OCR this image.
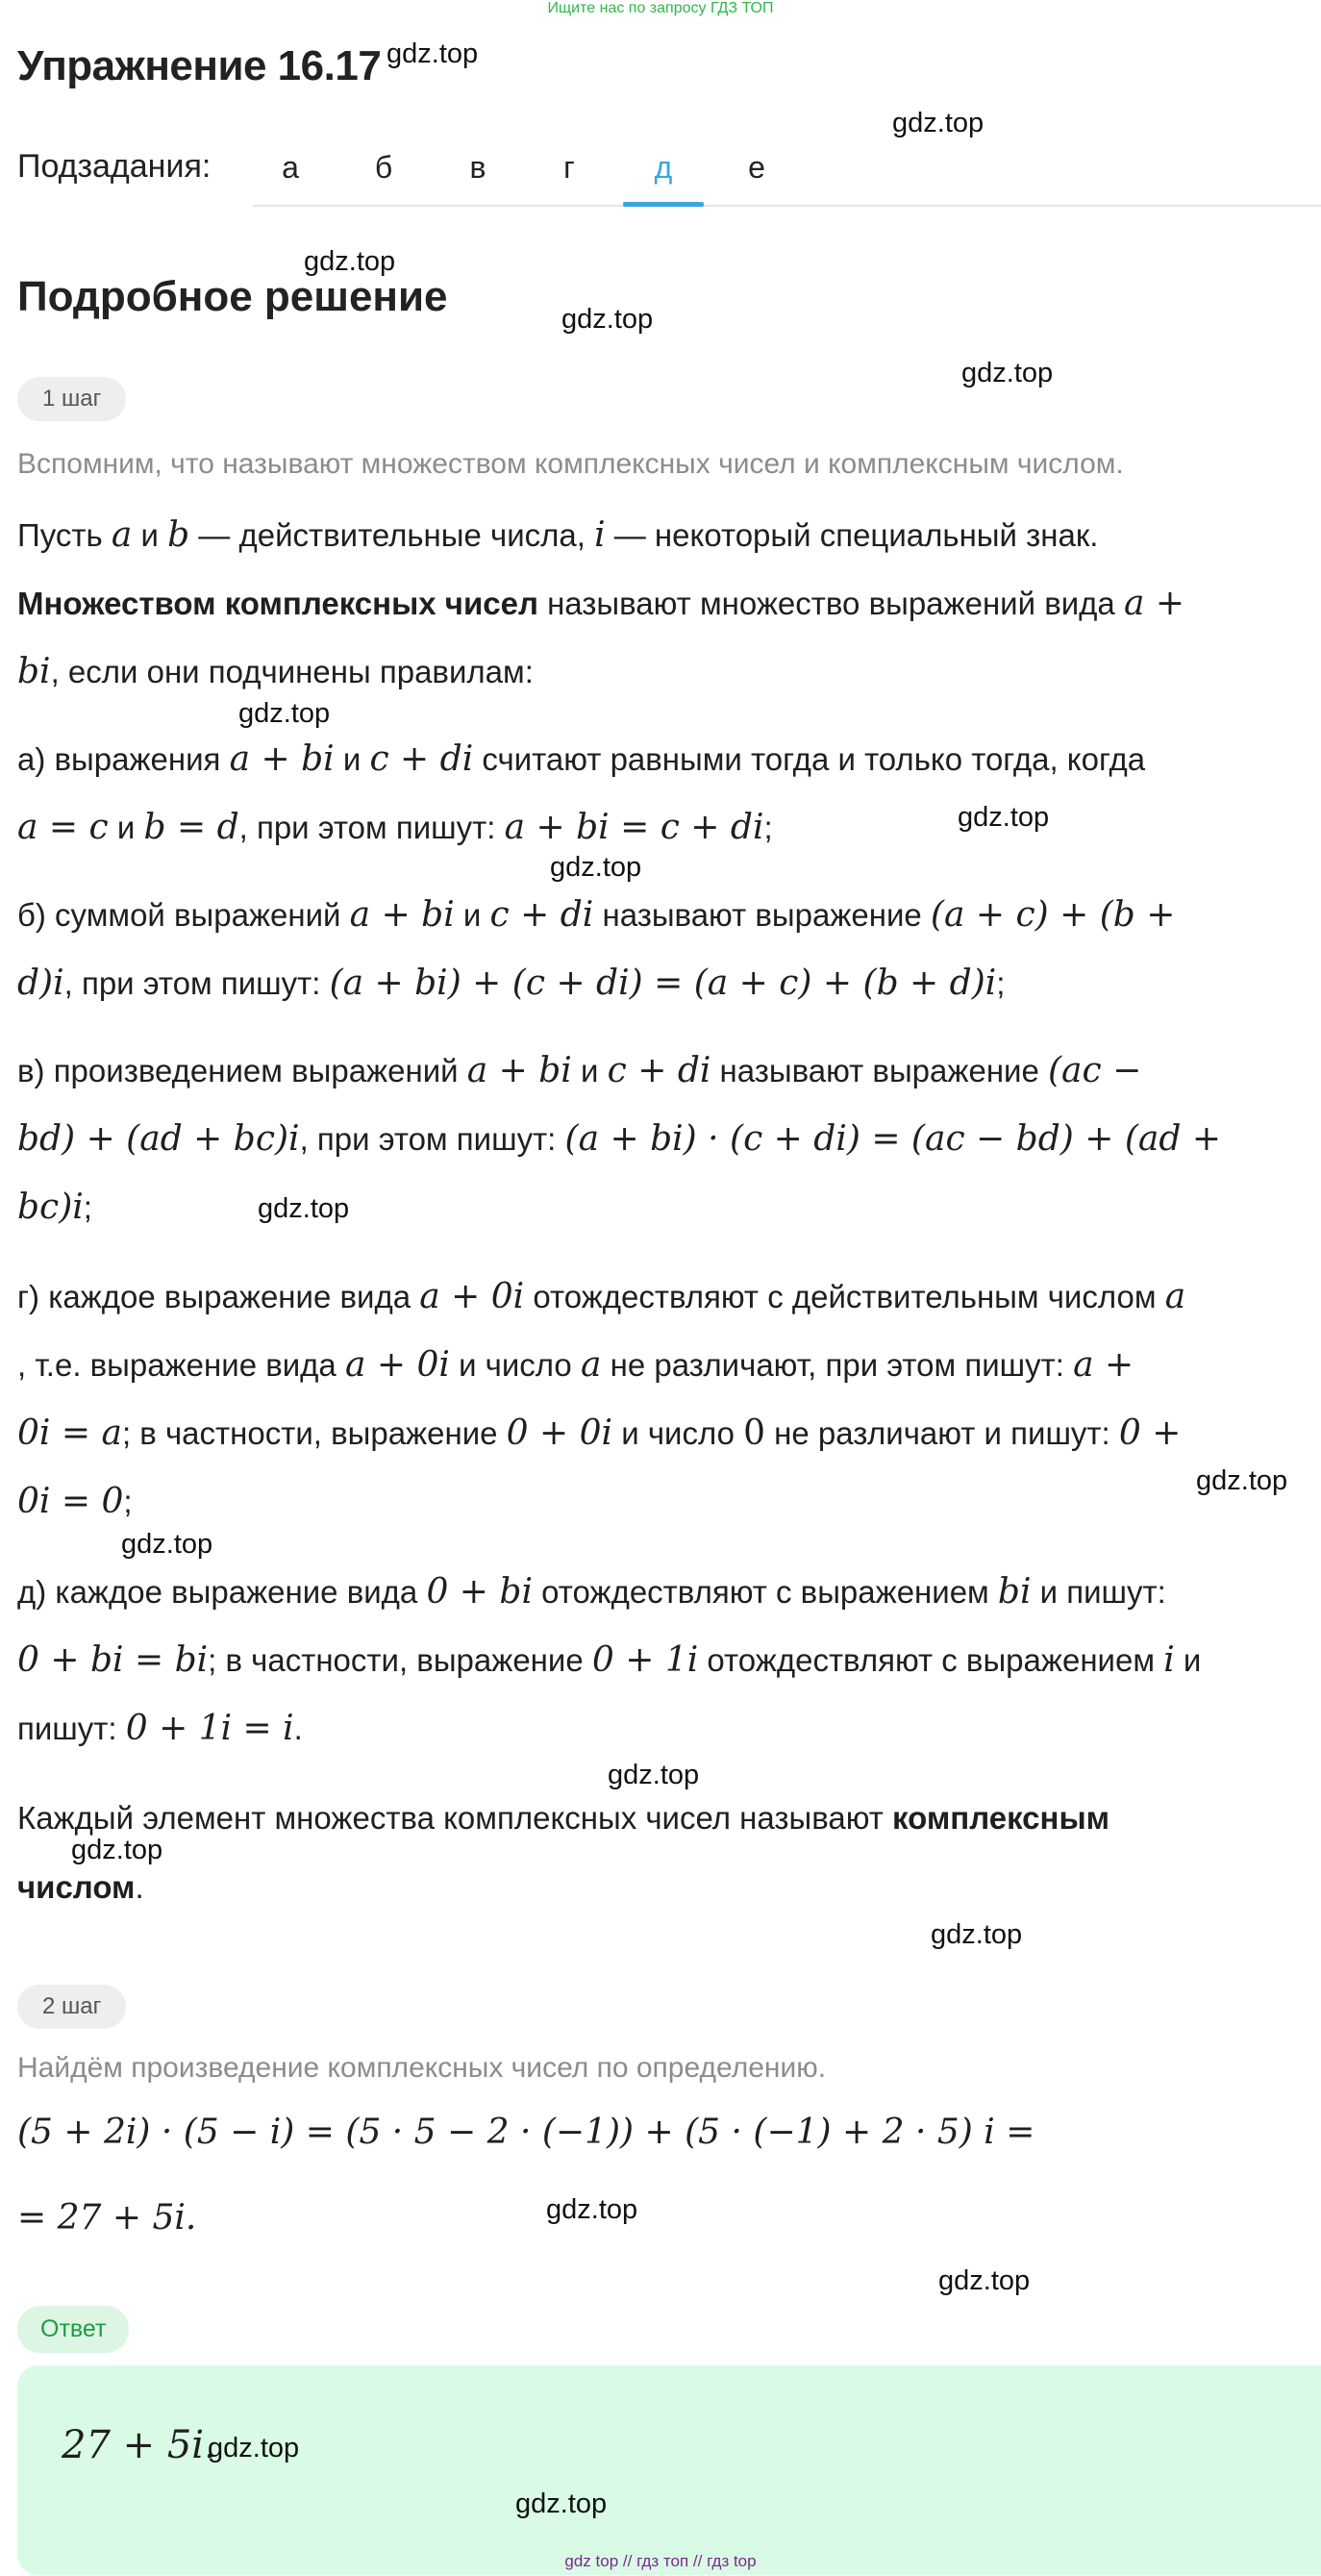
Ищите нас по запросу ГДЗ ТОП
Упражнение 16.17 gdz.top
gdz.top
Подзадания:	а	б	в	г	д	е
gdz.top
Подробное решение	gdz.top
gdz.top
1 шаг
Вспомним, что называют множеством комплексных чисел и комплексным числом.
Пусть a и b — действительные числа, i — некоторый специальный знак.
Множеством комплексных чисел называют множество выражений вида a +
bi, если они подчинены правилам:
gdz.top
а) выражения a + bi и c + di считают равными тогда и только тогда, когда
a = c и b = d, при этом пишут: a + bi = c + di;	gdz.top
gdz.top
б) суммой выражений a + bi и c + di называют выражение (a + c) + (b +
d)i, при этом пишут: (a + bi) + (c + di) = (a + c) + (b + d)i;
в) произведением выражений a + bi и c + di называют выражение (ac −
bd) + (ad + bc)i, при этом пишут: (a + bi) · (c + di) = (ac − bd) + (ad +
bc)i;	gdz.top
г) каждое выражение вида a + 0i отождествляют с действительным числом a
, т.е. выражение вида a + 0i и число a не различают, при этом пишут: a +
0i = a; в частности, выражение 0 + 0i и число 0 не различают и пишут: 0 +
0i = 0;
gdz.top
gdz.top
д) каждое выражение вида 0 + bi отождествляют с выражением bi и пишут:
0 + bi = bi; в частности, выражение 0 + 1i отождествляют с выражением i и
пишут: 0 + 1i = i.
gdz.top
Каждый элемент множества комплексных чисел называют комплексным
gdz.top
числом.
gdz.top
2 шаг
Найдём произведение комплексных чисел по определению.
(5 + 2i) · (5 − i) = (5 · 5 − 2 · (−1)) + (5 · (−1) + 2 · 5) i =
= 27 + 5i.	gdz.top
gdz.top
Ответ
27 + 5i.
gdz.top
gdz.top
gdz top // гдз топ // гдз top
